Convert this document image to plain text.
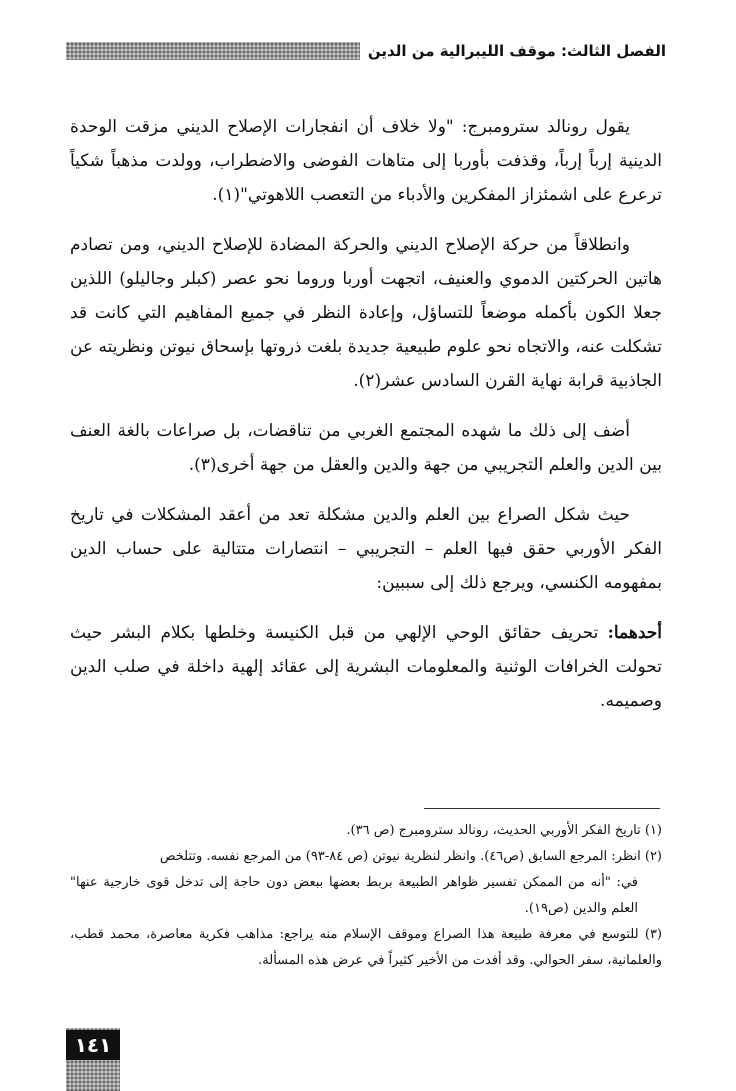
الفصل الثالث: موقف الليبرالية من الدين

يقول رونالد سترومبرج: "ولا خلاف أن انفجارات الإصلاح الديني مزقت الوحدة الدينية إرباً إرباً، وقذفت بأوربا إلى متاهات الفوضى والاضطراب، وولدت مذهباً شكياً ترعرع على اشمئزاز المفكرين والأدباء من التعصب اللاهوتي"(١).

وانطلاقاً من حركة الإصلاح الديني والحركة المضادة للإصلاح الديني، ومن تصادم هاتين الحركتين الدموي والعنيف، اتجهت أوربا وروما نحو عصر (كبلر وجاليلو) اللذين جعلا الكون بأكمله موضعاً للتساؤل، وإعادة النظر في جميع المفاهيم التي كانت قد تشكلت عنه، والاتجاه نحو علوم طبيعية جديدة بلغت ذروتها بإسحاق نيوتن ونظريته عن الجاذبية قرابة نهاية القرن السادس عشر(٢).

أضف إلى ذلك ما شهده المجتمع الغربي من تناقضات، بل صراعات بالغة العنف بين الدين والعلم التجريبي من جهة والدين والعقل من جهة أخرى(٣).

حيث شكل الصراع بين العلم والدين مشكلة تعد من أعقد المشكلات في تاريخ الفكر الأوربي حقق فيها العلم – التجريبي – انتصارات متتالية على حساب الدين بمفهومه الكنسي، ويرجع ذلك إلى سببين:

أحدهما: تحريف حقائق الوحي الإلهي من قبل الكنيسة وخلطها بكلام البشر حيث تحولت الخرافات الوثنية والمعلومات البشرية إلى عقائد إلهية داخلة في صلب الدين وصميمه.

(١) تاريخ الفكر الأوربي الحديث، رونالد سترومبرج (ص ٣٦).
(٢) انظر: المرجع السابق (ص٤٦). وانظر لنظرية نيوتن (ص ٨٤-٩٣) من المرجع نفسه. وتتلخص
في: "أنه من الممكن تفسير ظواهر الطبيعة بربط بعضها ببعض دون حاجة إلى تدخل قوى خارجية عنها" العلم والدين (ص١٩).
(٣) للتوسع في معرفة طبيعة هذا الصراع وموقف الإسلام منه يراجع: مذاهب فكرية معاصرة، محمد قطب، والعلمانية، سفر الحوالي. وقد أفدت من الأخير كثيراً في عرض هذه المسألة.
١٤١
